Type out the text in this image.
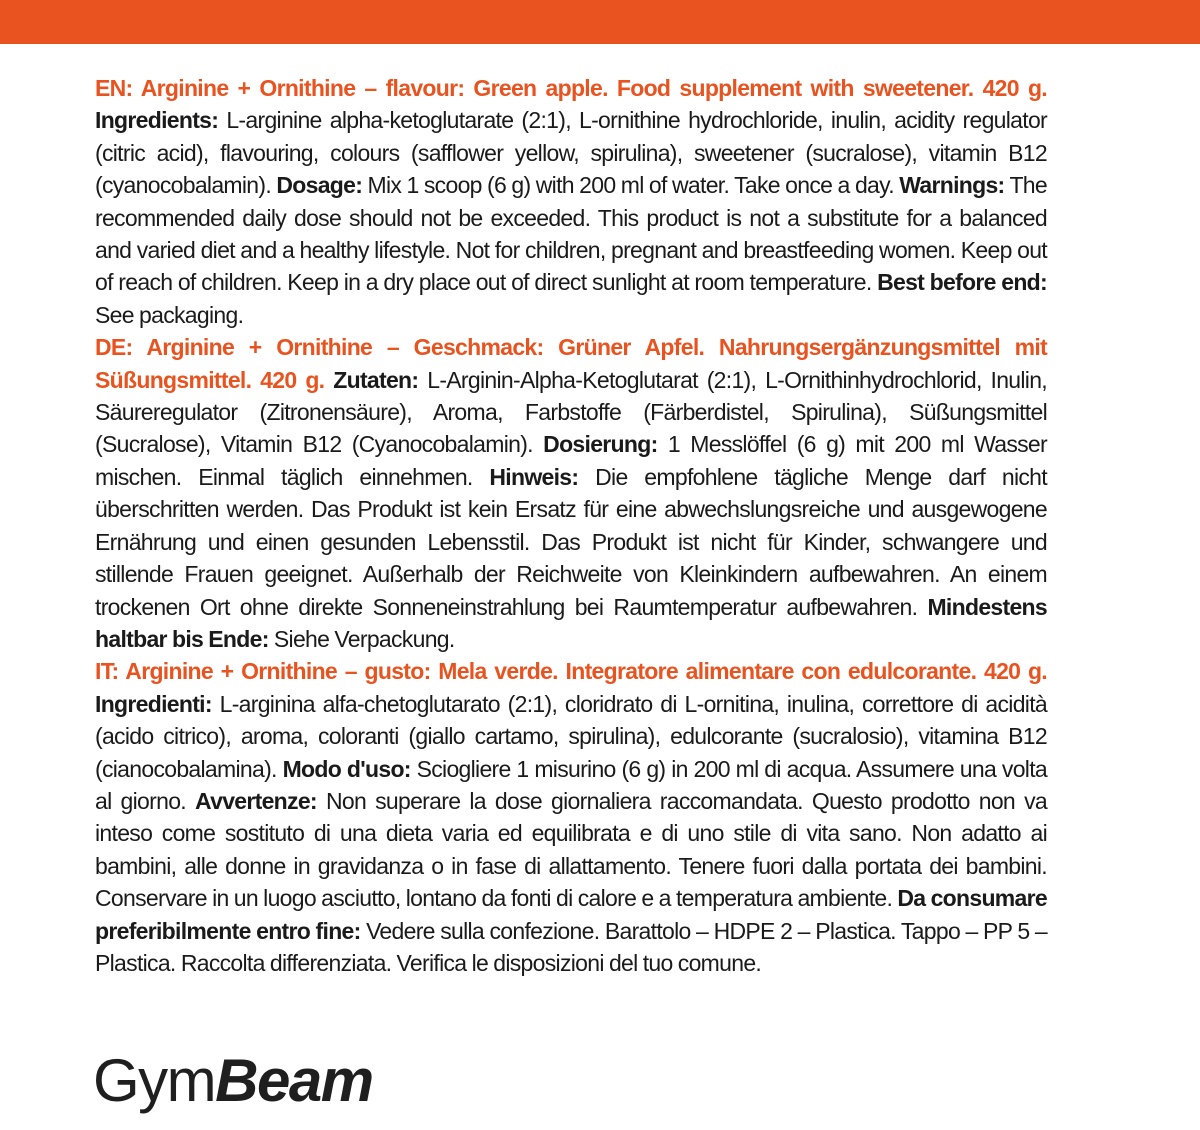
EN: Arginine + Ornithine – flavour: Green apple. Food supplement with sweetener. 420 g. Ingredients: L-arginine alpha-ketoglutarate (2:1), L-ornithine hydrochloride, inulin, acidity regulator (citric acid), flavouring, colours (safflower yellow, spirulina), sweetener (sucralose), vitamin B12 (cyanocobalamin). Dosage: Mix 1 scoop (6 g) with 200 ml of water. Take once a day. Warnings: The recommended daily dose should not be exceeded. This product is not a substitute for a balanced and varied diet and a healthy lifestyle. Not for children, pregnant and breastfeeding women. Keep out of reach of children. Keep in a dry place out of direct sunlight at room temperature. Best before end: See packaging.

DE: Arginine + Ornithine – Geschmack: Grüner Apfel. Nahrungsergänzungsmittel mit Süßungsmittel. 420 g. Zutaten: L-Arginin-Alpha-Ketoglutarat (2:1), L-Ornithinhydrochlorid, Inulin, Säureregulator (Zitronensäure), Aroma, Farbstoffe (Färberdistel, Spirulina), Süßungsmittel (Sucralose), Vitamin B12 (Cyanocobalamin). Dosierung: 1 Messlöffel (6 g) mit 200 ml Wasser mischen. Einmal täglich einnehmen. Hinweis: Die empfohlene tägliche Menge darf nicht überschritten werden. Das Produkt ist kein Ersatz für eine abwechslungsreiche und ausgewogene Ernährung und einen gesunden Lebensstil. Das Produkt ist nicht für Kinder, schwangere und stillende Frauen geeignet. Außerhalb der Reichweite von Kleinkindern aufbewahren. An einem trockenen Ort ohne direkte Sonneneinstrahlung bei Raumtemperatur aufbewahren. Mindestens haltbar bis Ende: Siehe Verpackung.

IT: Arginine + Ornithine – gusto: Mela verde. Integratore alimentare con edulcorante. 420 g. Ingredienti: L-arginina alfa-chetoglutarato (2:1), cloridrato di L-ornitina, inulina, correttore di acidità (acido citrico), aroma, coloranti (giallo cartamo, spirulina), edulcorante (sucralosio), vitamina B12 (cianocobalamina). Modo d'uso: Sciogliere 1 misurino (6 g) in 200 ml di acqua. Assumere una volta al giorno. Avvertenze: Non superare la dose giornaliera raccomandata. Questo prodotto non va inteso come sostituto di una dieta varia ed equilibrata e di uno stile di vita sano. Non adatto ai bambini, alle donne in gravidanza o in fase di allattamento. Tenere fuori dalla portata dei bambini. Conservare in un luogo asciutto, lontano da fonti di calore e a temperatura ambiente. Da consumare preferibilmente entro fine: Vedere sulla confezione. Barattolo – HDPE 2 – Plastica. Tappo – PP 5 – Plastica. Raccolta differenziata. Verifica le disposizioni del tuo comune.

GymBeam
